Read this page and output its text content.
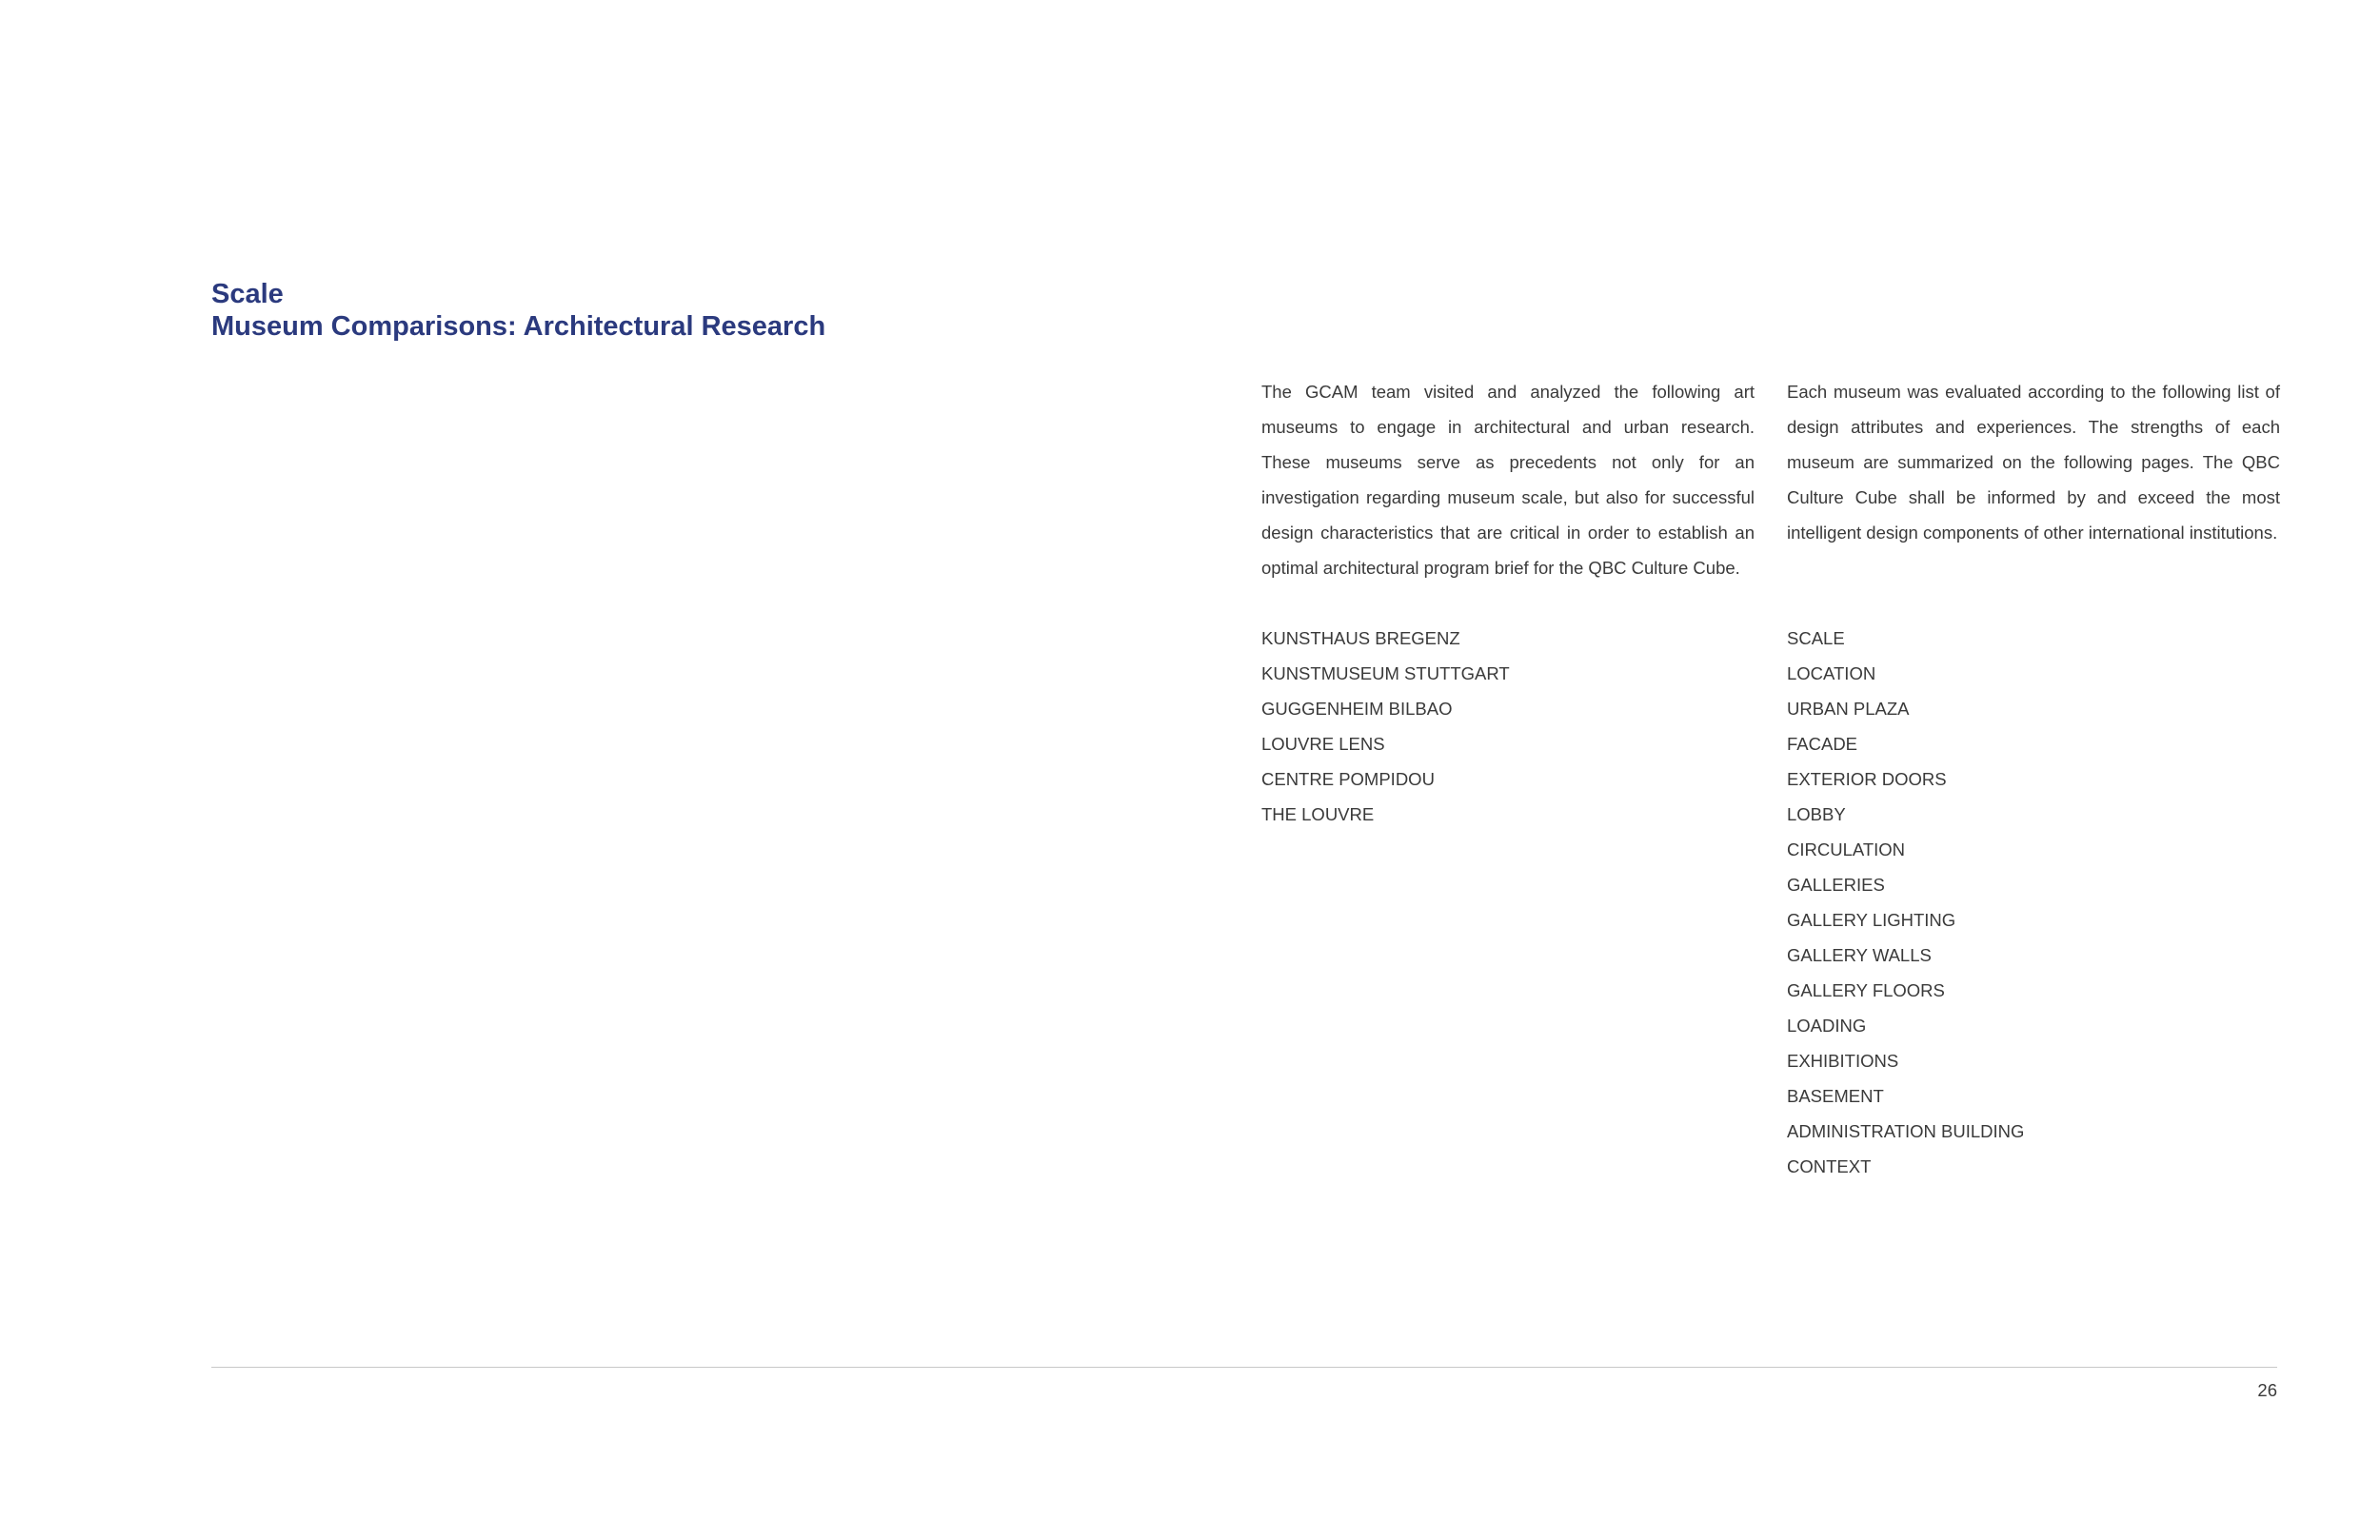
Scale
Museum Comparisons: Architectural Research
The GCAM team visited and analyzed the following art museums to engage in architectural and urban research. These museums serve as precedents not only for an investigation regarding museum scale, but also for successful design characteristics that are critical in order to establish an optimal architectural program brief for the QBC Culture Cube.
Each museum was evaluated according to the following list of design attributes and experiences. The strengths of each museum are summarized on the following pages. The QBC Culture Cube shall be informed by and exceed the most intelligent design components of other international institutions.
KUNSTHAUS BREGENZ
KUNSTMUSEUM STUTTGART
GUGGENHEIM BILBAO
LOUVRE LENS
CENTRE POMPIDOU
THE LOUVRE
SCALE
LOCATION
URBAN PLAZA
FACADE
EXTERIOR DOORS
LOBBY
CIRCULATION
GALLERIES
GALLERY LIGHTING
GALLERY WALLS
GALLERY FLOORS
LOADING
EXHIBITIONS
BASEMENT
ADMINISTRATION BUILDING
CONTEXT
26
